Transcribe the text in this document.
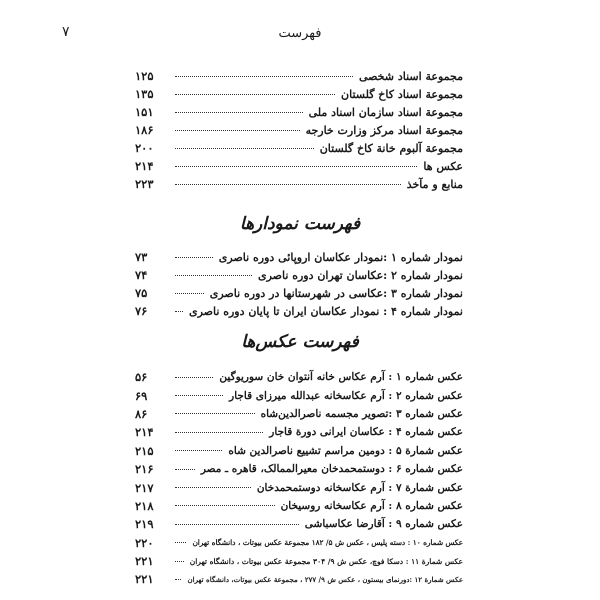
فهرست
۷
مجموعة اسناد شخصی
۱۲۵
مجموعة اسناد کاخ گلستان
۱۳۵
مجموعة اسناد سازمان اسناد ملی
۱۵۱
مجموعة اسناد مرکز وزارت خارجه
۱۸۶
مجموعة آلبوم خانة کاخ گلستان
۲۰۰
عکس ها
۲۱۴
منابع و مآخذ
۲۲۳
فهرست نمودارها
نمودار شماره ۱ :نمودار عکاسان اروپائی دوره ناصری
۷۳
نمودار شماره ۲ :عکاسان تهران دوره ناصری
۷۴
نمودار شماره ۳ :عکاسی در شهرستانها در دوره ناصری
۷۵
نمودار شماره ۴ : نمودار عکاسان ایران تا پایان دوره ناصری
۷۶
فهرست عکس‌ها
عکس شماره ۱ : آرم عکاس خانه آنتوان خان سوریوگین
۵۶
عکس شماره ۲ : آرم عکاسخانه عبدالله میرزای قاجار
۶۹
عکس شماره ۳ :تصویر مجسمه ناصرالدین‌شاه
۸۶
عکس شماره ۴ : عکاسان ایرانی دورة قاجار
۲۱۴
عکس شمارة ۵ : دومین مراسم تشییع ناصرالدین شاه
۲۱۵
عکس شماره ۶ : دوستمحمدخان معیرالممالک، قاهره ـ مصر
۲۱۶
عکس شمارة ۷ : آرم عکاسخانه دوستمحمدخان
۲۱۷
عکس شماره ۸ : آرم عکاسخانه روسیخان
۲۱۸
عکس شماره ۹ : آقارضا عکاسباشی
۲۱۹
عکس شماره ۱۰ : دسته پلیس ، عکس ش ۵/ ۱۸۲ مجموعة عکس بیوتات ، دانشگاه تهران
۲۲۰
عکس شمارة ۱۱ : دسکا فوچ، عکس ش ۹/ ۳۰۴ مجموعة عکس بیوتات ، دانشگاه تهران
۲۲۱
عکس شمارة ۱۲ :دورنمای بیستون ، عکس ش ۹/ ۲۷۷ ، مجموعة عکس بیوتات، دانشگاه تهران
۲۲۱
